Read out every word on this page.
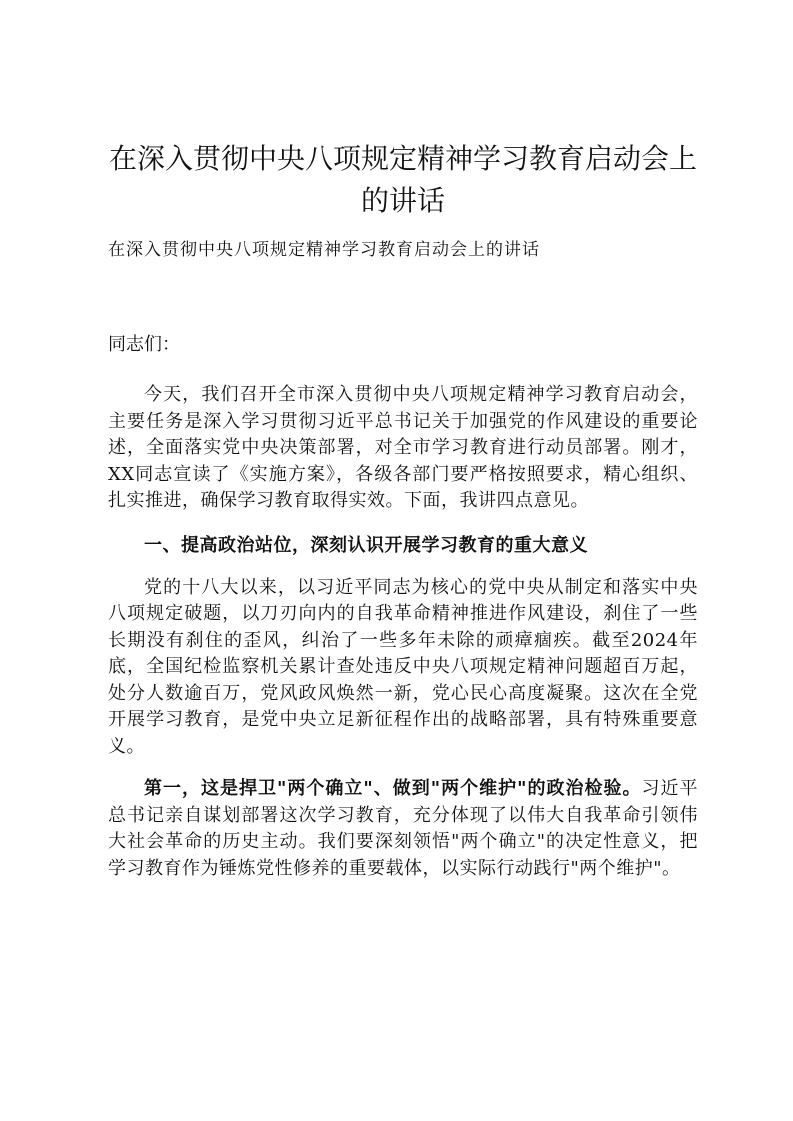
在深入贯彻中央八项规定精神学习教育启动会上的讲话

在深入贯彻中央八项规定精神学习教育启动会上的讲话

同志们：

今天，我们召开全市深入贯彻中央八项规定精神学习教育启动会，主要任务是深入学习贯彻习近平总书记关于加强党的作风建设的重要论述，全面落实党中央决策部署，对全市学习教育进行动员部署。刚才，XX同志宣读了《实施方案》，各级各部门要严格按照要求，精心组织、扎实推进，确保学习教育取得实效。下面，我讲四点意见。

一、提高政治站位，深刻认识开展学习教育的重大意义

党的十八大以来，以习近平同志为核心的党中央从制定和落实中央八项规定破题，以刀刃向内的自我革命精神推进作风建设，刹住了一些长期没有刹住的歪风，纠治了一些多年未除的顽瘴痼疾。截至2024年底，全国纪检监察机关累计查处违反中央八项规定精神问题超百万起，处分人数逾百万，党风政风焕然一新，党心民心高度凝聚。这次在全党开展学习教育，是党中央立足新征程作出的战略部署，具有特殊重要意义。

第一，这是捍卫"两个确立"、做到"两个维护"的政治检验。习近平总书记亲自谋划部署这次学习教育，充分体现了以伟大自我革命引领伟大社会革命的历史主动。我们要深刻领悟"两个确立"的决定性意义，把学习教育作为锤炼党性修养的重要载体，以实际行动践行"两个维护"。
